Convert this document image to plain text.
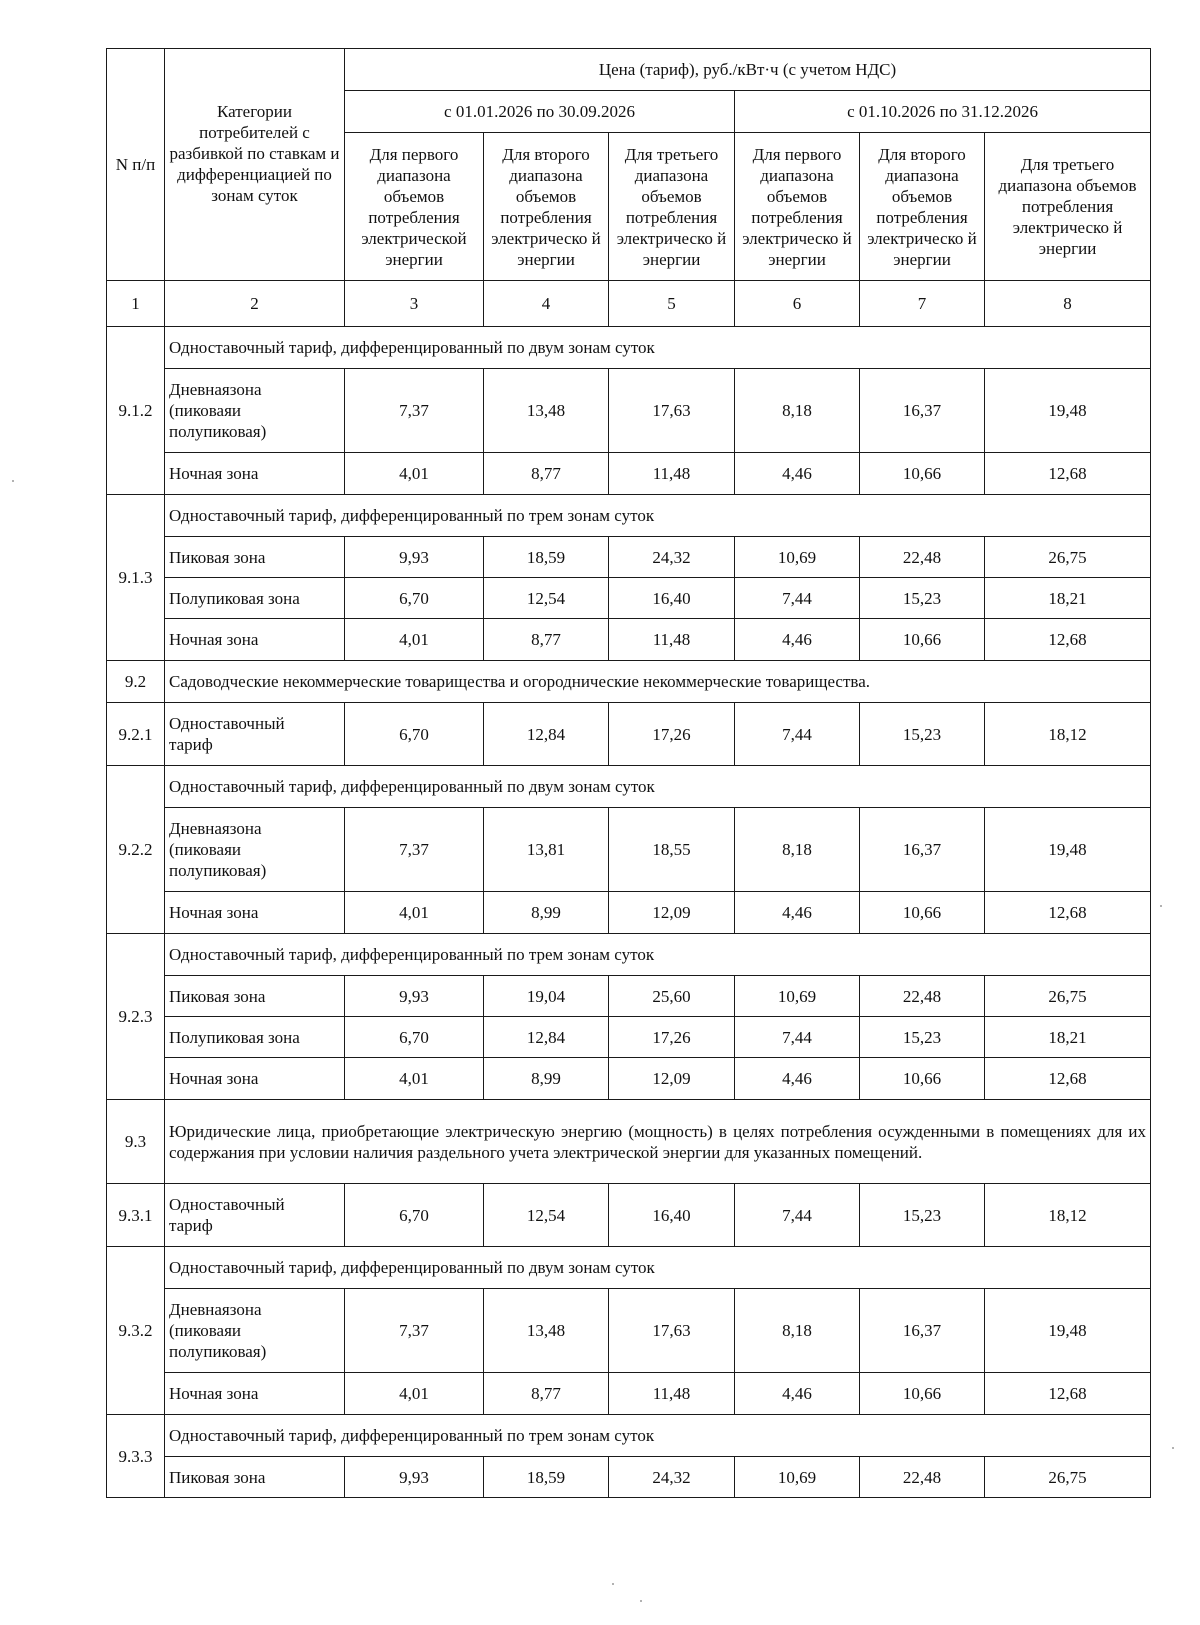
N п/п	Категории потребителей с разбивкой по ставкам и дифференциацией по зонам суток	Цена (тариф), руб./кВт·ч (с учетом НДС)					
		с 01.01.2026 по 30.09.2026			с 01.10.2026 по 31.12.2026		
		Для первого диапазона объемов потребления электрической энергии	Для второго диапазона объемов потребления электрическо й энергии	Для третьего диапазона объемов потребления электрическо й энергии	Для первого диапазона объемов потребления электрическо й энергии	Для второго диапазона объемов потребления электрическо й энергии	Для третьего диапазона объемов потребления электрическо й энергии
1	2	3	4	5	6	7	8
9.1.2	Одноставочный тариф, дифференцированный по двум зонам суток						

	Дневнаязона
(пиковаяи
полупиковая)	7,37	13,48	17,63	8,18	16,37	19,48
	Ночная зона	4,01	8,77	11,48	4,46	10,66	12,68
9.1.3	Одноставочный тариф, дифференцированный по трем зонам суток						
	Пиковая зона	9,93	18,59	24,32	10,69	22,48	26,75
	Полупиковая зона	6,70	12,54	16,40	7,44	15,23	18,21
	Ночная зона	4,01	8,77	11,48	4,46	10,66	12,68
9.2	Садоводческие некоммерческие товарищества и огороднические некоммерческие товарищества.						
9.2.1	Одноставочный
тариф	6,70	12,84	17,26	7,44	15,23	18,12
9.2.2	Одноставочный тариф, дифференцированный по двум зонам суток						

	Дневнаязона
(пиковаяи
полупиковая)	7,37	13,81	18,55	8,18	16,37	19,48
	Ночная зона	4,01	8,99	12,09	4,46	10,66	12,68
9.2.3	Одноставочный тариф, дифференцированный по трем зонам суток						
	Пиковая зона	9,93	19,04	25,60	10,69	22,48	26,75
	Полупиковая зона	6,70	12,84	17,26	7,44	15,23	18,21
	Ночная зона	4,01	8,99	12,09	4,46	10,66	12,68
9.3	Юридические лица, приобретающие электрическую энергию (мощность) в целях потребления осужденными в помещениях для их содержания при условии наличия раздельного учета электрической энергии для указанных помещений.						
9.3.1	Одноставочный
тариф	6,70	12,54	16,40	7,44	15,23	18,12
9.3.2	Одноставочный тариф, дифференцированный по двум зонам суток						

	Дневнаязона
(пиковаяи
полупиковая)	7,37	13,48	17,63	8,18	16,37	19,48
	Ночная зона	4,01	8,77	11,48	4,46	10,66	12,68
9.3.3	Одноставочный тариф, дифференцированный по трем зонам суток						
	Пиковая зона	9,93	18,59	24,32	10,69	22,48	26,75
